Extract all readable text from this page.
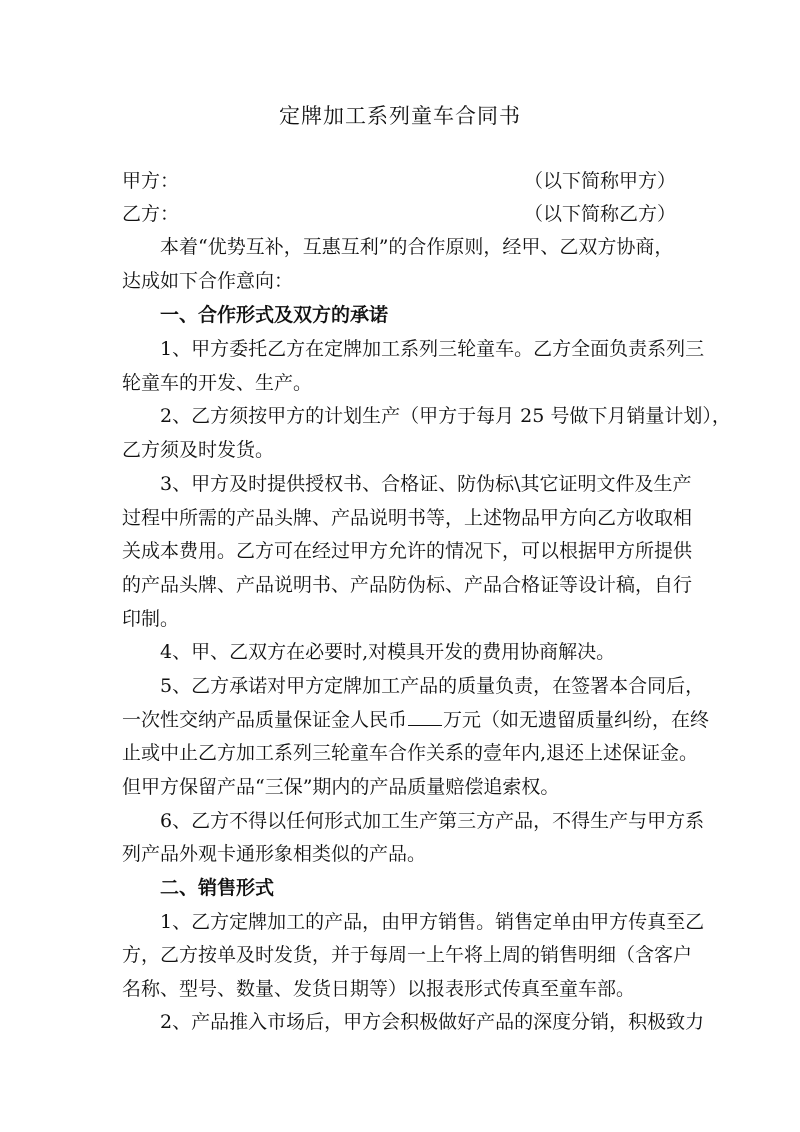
定牌加工系列童车合同书
甲方：	（以下简称甲方）
乙方：	（以下简称乙方）
本着“优势互补，互惠互利”的合作原则，经甲、乙双方协商，
达成如下合作意向：
一、合作形式及双方的承诺
1、甲方委托乙方在定牌加工系列三轮童车。乙方全面负责系列三
轮童车的开发、生产。
2、乙方须按甲方的计划生产（甲方于每月 25 号做下月销量计划），
乙方须及时发货。
3、甲方及时提供授权书、合格证、防伪标\其它证明文件及生产
过程中所需的产品头牌、产品说明书等，上述物品甲方向乙方收取相
关成本费用。乙方可在经过甲方允许的情况下，可以根据甲方所提供
的产品头牌、产品说明书、产品防伪标、产品合格证等设计稿，自行
印制。
4、甲、乙双方在必要时,对模具开发的费用协商解决。
5、乙方承诺对甲方定牌加工产品的质量负责，在签署本合同后，
一次性交纳产品质量保证金人民币 万元（如无遗留质量纠纷，在终
止或中止乙方加工系列三轮童车合作关系的壹年内,退还上述保证金。
但甲方保留产品“三保”期内的产品质量赔偿追索权。
6、乙方不得以任何形式加工生产第三方产品，不得生产与甲方系
列产品外观卡通形象相类似的产品。
二、销售形式
1、乙方定牌加工的产品，由甲方销售。销售定单由甲方传真至乙
方，乙方按单及时发货，并于每周一上午将上周的销售明细（含客户
名称、型号、数量、发货日期等）以报表形式传真至童车部。
2、产品推入市场后，甲方会积极做好产品的深度分销，积极致力
